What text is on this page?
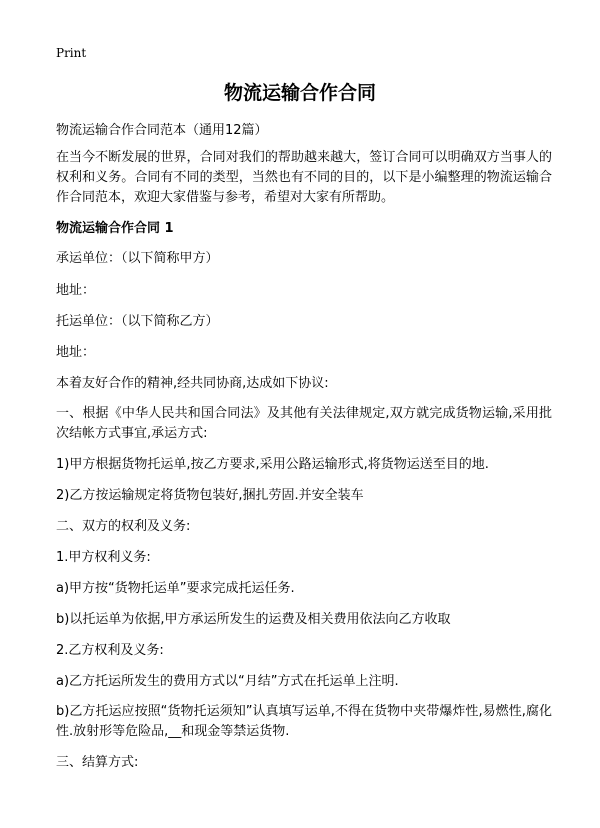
Print
物流运输合作合同

物流运输合作合同范本（通用12篇）

在当今不断发展的世界，合同对我们的帮助越来越大，签订合同可以明确双方当事人的权利和义务。合同有不同的类型，当然也有不同的目的，以下是小编整理的物流运输合作合同范本，欢迎大家借鉴与参考，希望对大家有所帮助。

物流运输合作合同 1

承运单位：（以下简称甲方）

地址：

托运单位：（以下简称乙方）

地址：

本着友好合作的精神,经共同协商,达成如下协议:

一、根据《中华人民共和国合同法》及其他有关法律规定,双方就完成货物运输,采用批次结帐方式事宜,承运方式:

1)甲方根据货物托运单,按乙方要求,采用公路运输形式,将货物运送至目的地.

2)乙方按运输规定将货物包装好,捆扎劳固.并安全装车

二、双方的权利及义务:

1.甲方权利义务:

a)甲方按“货物托运单”要求完成托运任务.

b)以托运单为依据,甲方承运所发生的运费及相关费用依法向乙方收取

2.乙方权利及义务:

a)乙方托运所发生的费用方式以“月结”方式在托运单上注明.

b)乙方托运应按照“货物托运须知”认真填写运单,不得在货物中夹带爆炸性,易燃性,腐化性.放射形等危险品,__和现金等禁运货物.

三、结算方式:
